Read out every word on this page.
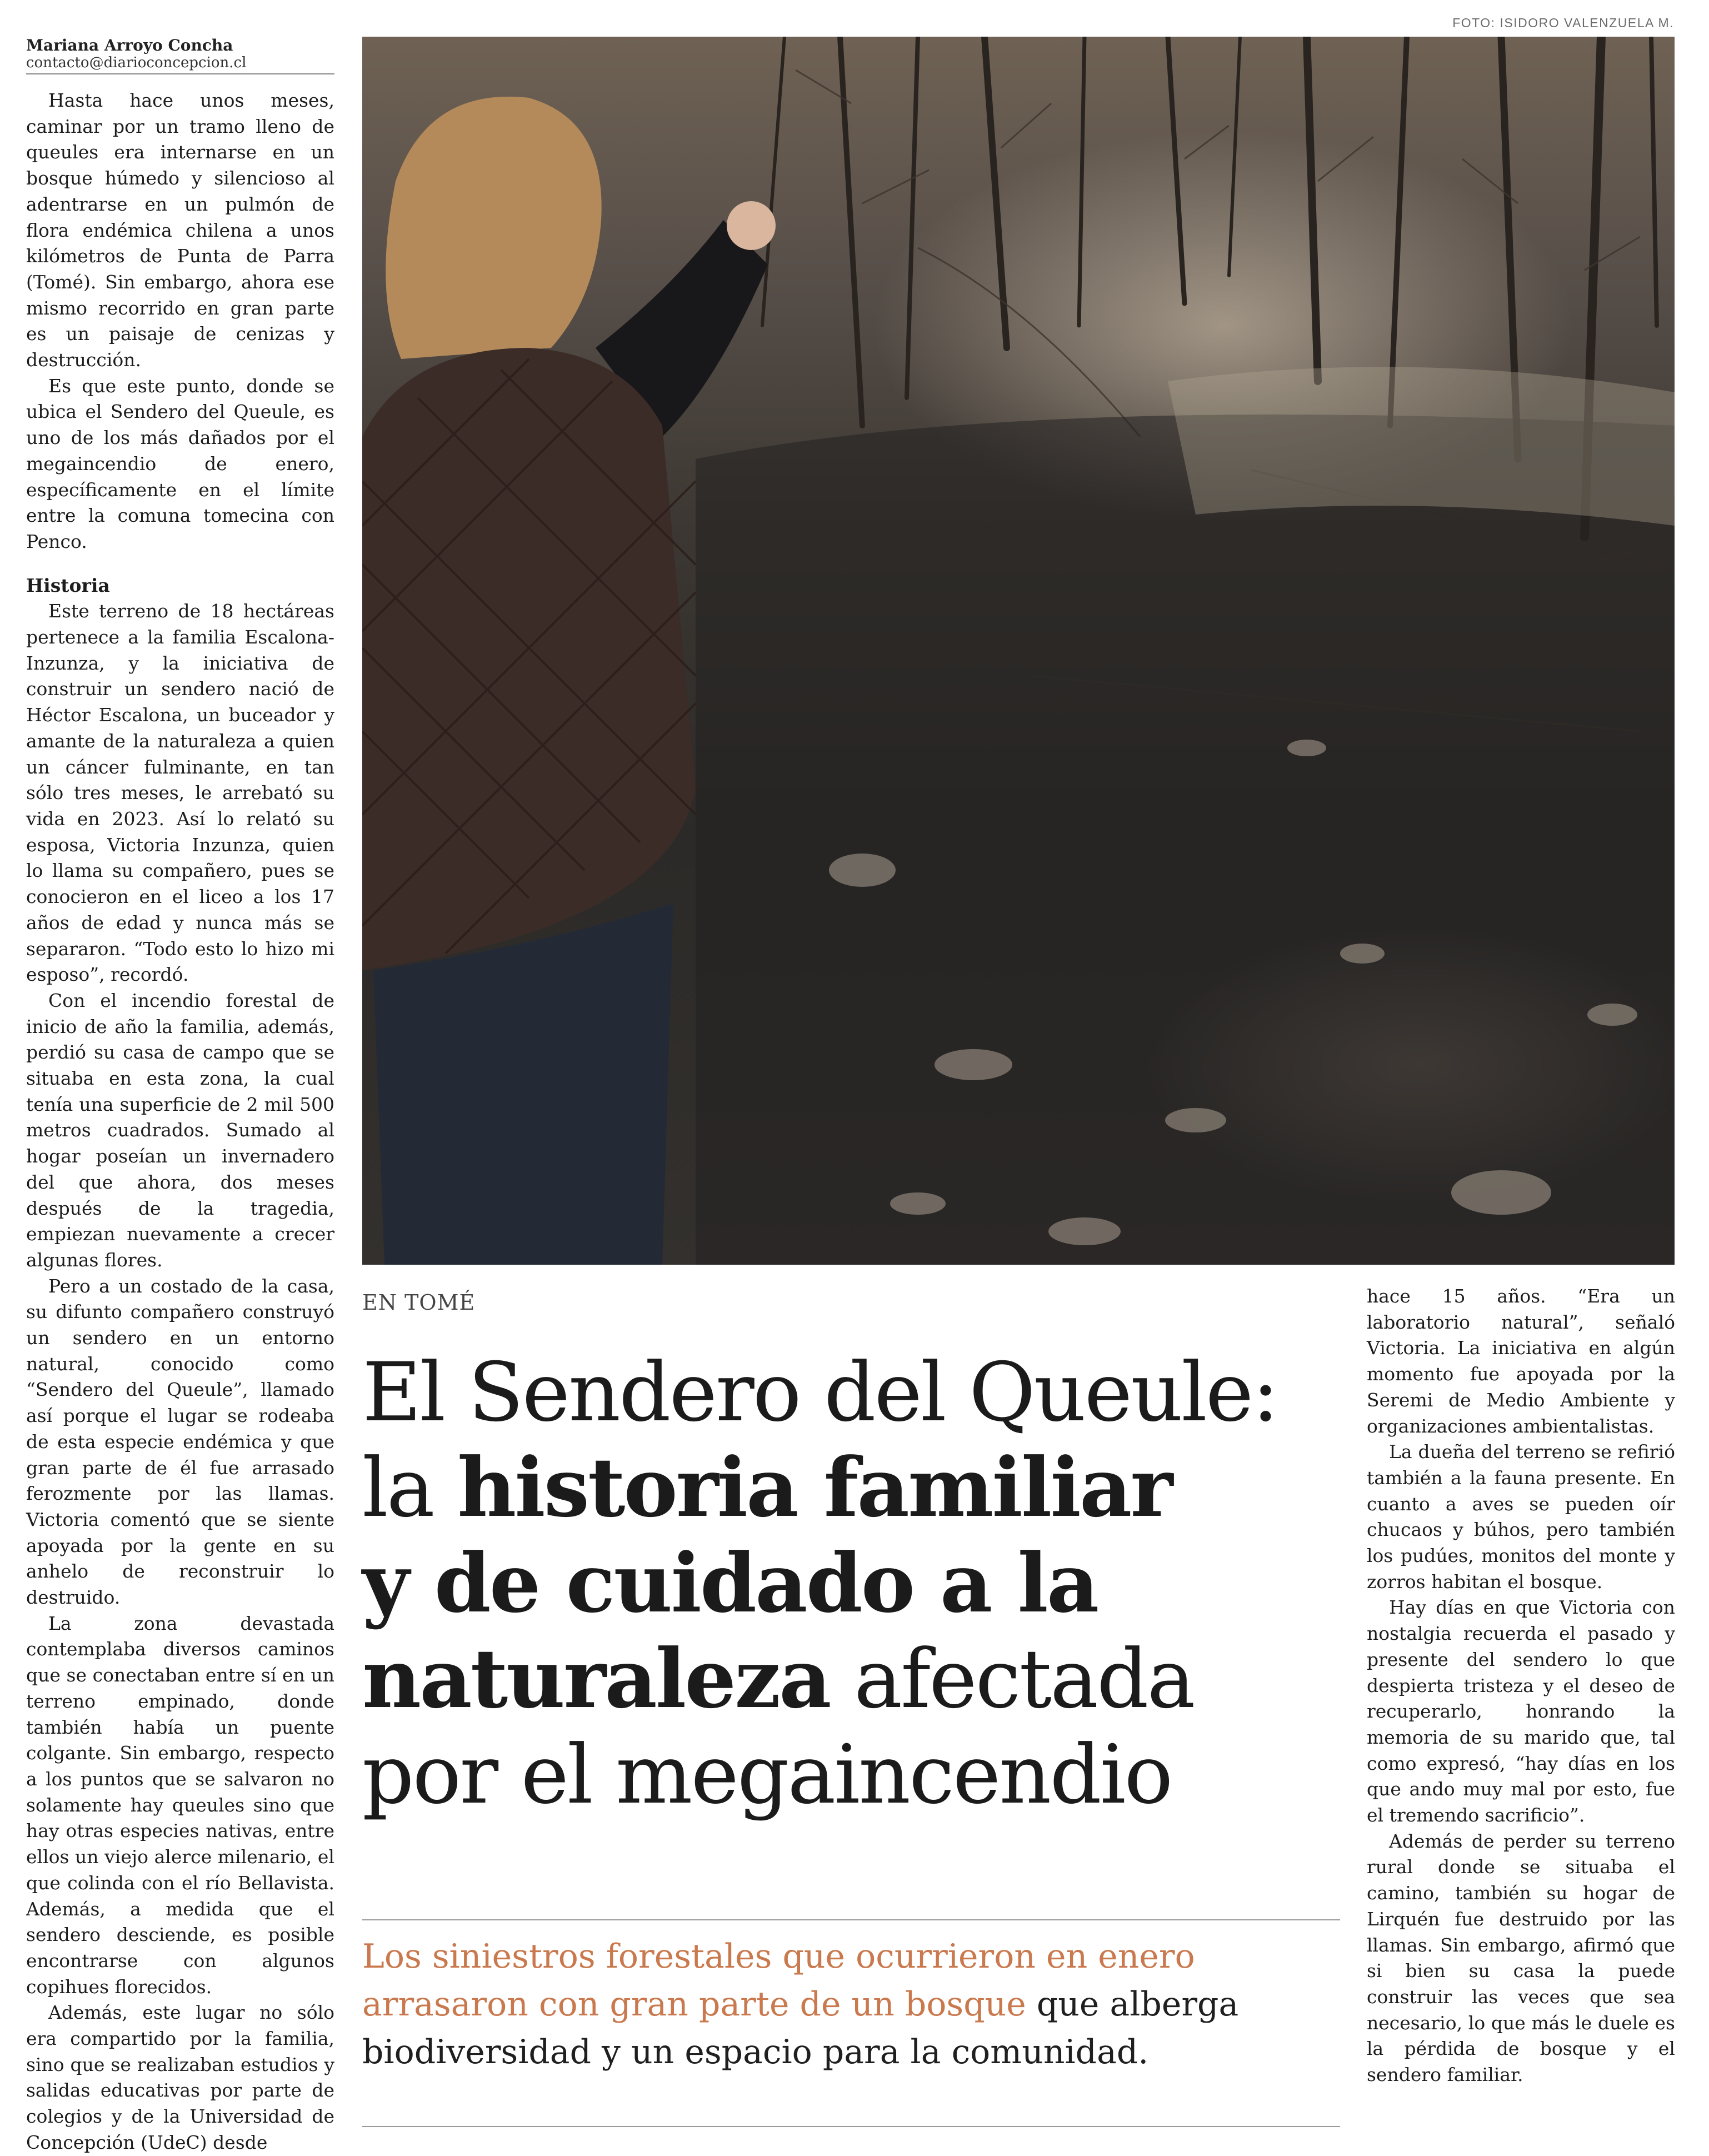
FOTO: ISIDORO VALENZUELA M.
Mariana Arroyo Concha
contacto@diarioconcepcion.cl

Hasta hace unos meses, caminar por un tramo lleno de queules era internarse en un bosque húmedo y silencioso al adentrarse en un pulmón de flora endémica chilena a unos kilómetros de Punta de Parra (Tomé). Sin embargo, ahora ese mismo recorrido en gran parte es un paisaje de cenizas y destrucción.

Es que este punto, donde se ubica el Sendero del Queule, es uno de los más dañados por el megaincendio de enero, específicamente en el límite entre la comuna tomecina con Penco.

Historia

Este terreno de 18 hectáreas pertenece a la familia Escalona-Inzunza, y la iniciativa de construir un sendero nació de Héctor Escalona, un buceador y amante de la naturaleza a quien un cáncer fulminante, en tan sólo tres meses, le arrebató su vida en 2023. Así lo relató su esposa, Victoria Inzunza, quien lo llama su compañero, pues se conocieron en el liceo a los 17 años de edad y nunca más se separaron. “Todo esto lo hizo mi esposo”, recordó.

Con el incendio forestal de inicio de año la familia, además, perdió su casa de campo que se situaba en esta zona, la cual tenía una superficie de 2 mil 500 metros cuadrados. Sumado al hogar poseían un invernadero del que ahora, dos meses después de la tragedia, empiezan nuevamente a crecer algunas flores.

Pero a un costado de la casa, su difunto compañero construyó un sendero en un entorno natural, conocido como “Sendero del Queule”, llamado así porque el lugar se rodeaba de esta especie endémica y que gran parte de él fue arrasado ferozmente por las llamas. Victoria comentó que se siente apoyada por la gente en su anhelo de reconstruir lo destruido.

La zona devastada contemplaba diversos caminos que se conectaban entre sí en un terreno empinado, donde también había un puente colgante. Sin embargo, respecto a los puntos que se salvaron no solamente hay queules sino que hay otras especies nativas, entre ellos un viejo alerce milenario, el que colinda con el río Bellavista. Además, a medida que el sendero desciende, es posible encontrarse con algunos copihues florecidos.

Además, este lugar no sólo era compartido por la familia, sino que se realizaban estudios y salidas educativas por parte de colegios y de la Universidad de Concepción (UdeC) desde

EN TOMÉ
El Sendero del Queule:
la historia familiar
y de cuidado a la
naturaleza afectada
por el megaincendio
Los siniestros forestales que ocurrieron en enero arrasaron con gran parte de un bosque que alberga biodiversidad y un espacio para la comunidad.

hace 15 años. “Era un laboratorio natural”, señaló Victoria. La iniciativa en algún momento fue apoyada por la Seremi de Medio Ambiente y organizaciones ambientalistas.

La dueña del terreno se refirió también a la fauna presente. En cuanto a aves se pueden oír chucaos y búhos, pero también los pudúes, monitos del monte y zorros habitan el bosque.

Hay días en que Victoria con nostalgia recuerda el pasado y presente del sendero lo que despierta tristeza y el deseo de recuperarlo, honrando la memoria de su marido que, tal como expresó, “hay días en los que ando muy mal por esto, fue el tremendo sacrificio”.

Además de perder su terreno rural donde se situaba el camino, también su hogar de Lirquén fue destruido por las llamas. Sin embargo, afirmó que si bien su casa la puede construir las veces que sea necesario, lo que más le duele es la pérdida de bosque y el sendero familiar.
